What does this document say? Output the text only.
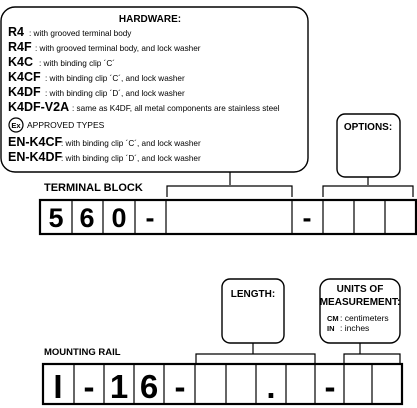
HARDWARE:
R4 : with grooved terminal body
R4F : with grooved terminal body, and lock washer
K4C : with binding clip ´C´
K4CF : with binding clip ´C´, and lock washer
K4DF : with binding clip ´D´, and lock washer
K4DF-V2A : same as K4DF, all metal components are stainless steel
Ex APPROVED TYPES
EN-K4CF
: with binding clip ´C´, and lock washer
EN-K4DF
: with binding clip ´D´, and lock washer
OPTIONS:
TERMINAL BLOCK
5 6 0 -	-
LENGTH:	UNITS OF
MEASUREMENT:
CM : centimeters
IN : inches
MOUNTING RAIL
I - 1 6 - . -
